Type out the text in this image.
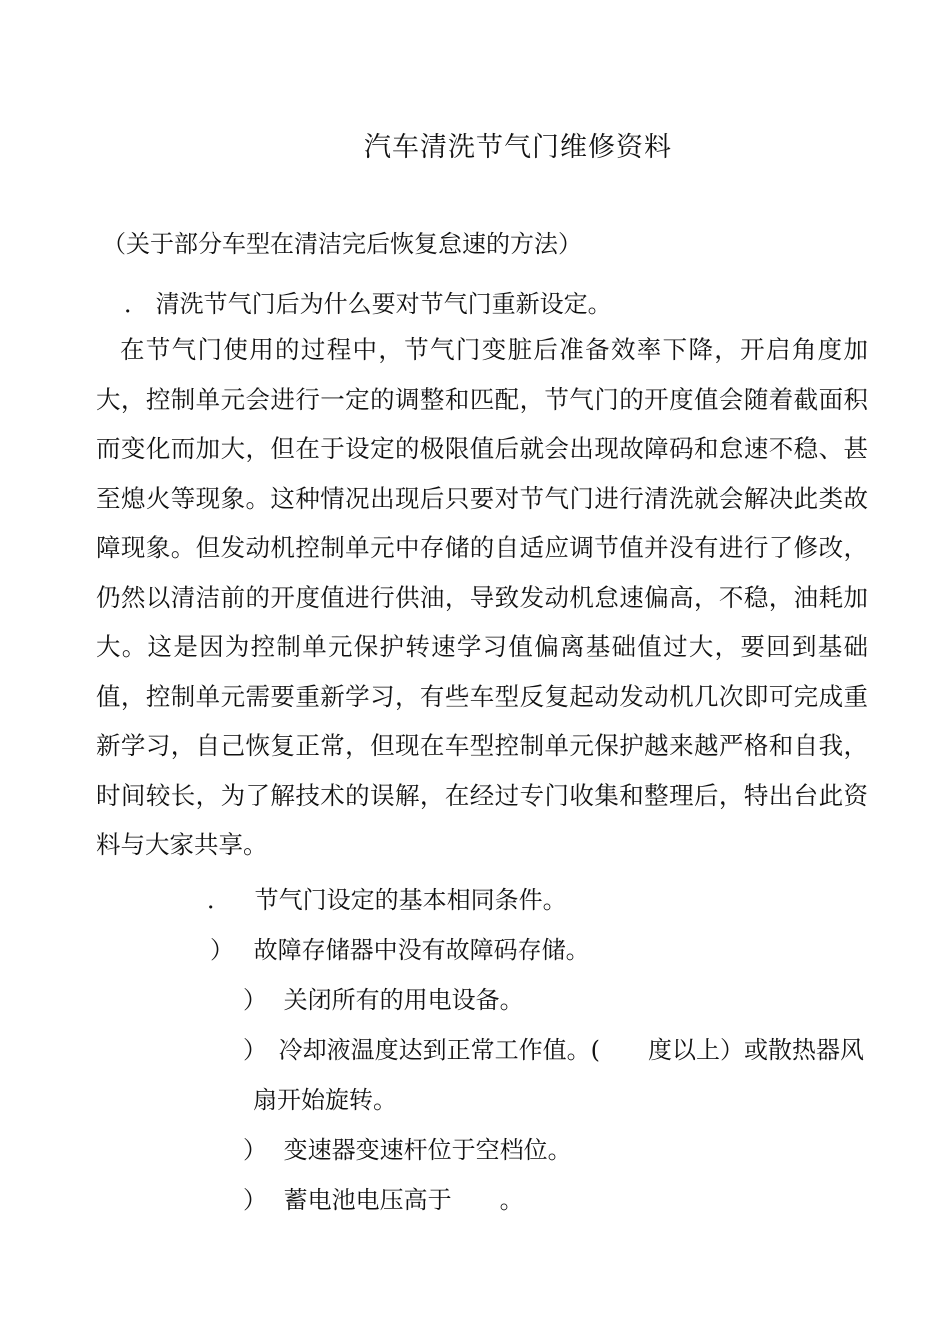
汽车清洗节气门维修资料
（关于部分车型在清洁完后恢复怠速的方法）
． 清洗节气门后为什么要对节气门重新设定。
在节气门使用的过程中，节气门变脏后准备效率下降，开启角度加大，控制单元会进行一定的调整和匹配，节气门的开度值会随着截面积而变化而加大，但在于设定的极限值后就会出现故障码和怠速不稳、甚至熄火等现象。这种情况出现后只要对节气门进行清洗就会解决此类故障现象。但发动机控制单元中存储的自适应调节值并没有进行了修改，仍然以清洁前的开度值进行供油，导致发动机怠速偏高，不稳，油耗加大。这是因为控制单元保护转速学习值偏离基础值过大，要回到基础值，控制单元需要重新学习，有些车型反复起动发动机几次即可完成重新学习，自己恢复正常，但现在车型控制单元保护越来越严格和自我，时间较长，为了解技术的误解，在经过专门收集和整理后，特出台此资料与大家共享。
． 节气门设定的基本相同条件。
） 故障存储器中没有故障码存储。
） 关闭所有的用电设备。
） 冷却液温度达到正常工作值。(　　度以上）或散热器风
扇开始旋转。
） 变速器变速杆位于空档位。
） 蓄电池电压高于　　。
